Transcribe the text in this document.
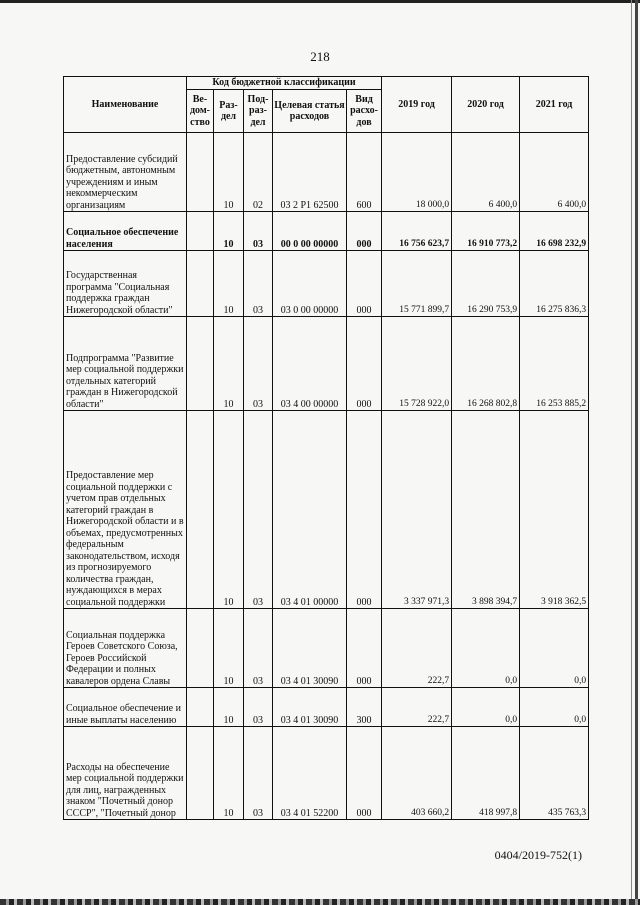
218
Наименование	Код бюджетной классификации					2019 год	2020 год	2021 год
	Ве-дом-ство	Раз-дел	Под-раз-дел	Целевая статья расходов	Вид расхо-дов			
Предоставление субсидий бюджетным, автономным учреждениям и иным некоммерческим организациям		10	02	03 2 P1 62500	600	18 000,0	6 400,0	6 400,0
Социальное обеспечение населения		10	03	00 0 00 00000	000	16 756 623,7	16 910 773,2	16 698 232,9
Государственная программа "Социальная поддержка граждан Нижегородской области"		10	03	03 0 00 00000	000	15 771 899,7	16 290 753,9	16 275 836,3
Подпрограмма "Развитие мер социальной поддержки отдельных категорий граждан в Нижегородской области"		10	03	03 4 00 00000	000	15 728 922,0	16 268 802,8	16 253 885,2
Предоставление мер социальной поддержки с учетом прав отдельных категорий граждан в Нижегородской области и в объемах, предусмотренных федеральным законодательством, исходя из прогнозируемого количества граждан, нуждающихся в мерах социальной поддержки		10	03	03 4 01 00000	000	3 337 971,3	3 898 394,7	3 918 362,5
Социальная поддержка Героев Советского Союза, Героев Российской Федерации и полных кавалеров ордена Славы		10	03	03 4 01 30090	000	222,7	0,0	0,0
Социальное обеспечение и иные выплаты населению		10	03	03 4 01 30090	300	222,7	0,0	0,0
Расходы на обеспечение мер социальной поддержки для лиц, награжденных знаком "Почетный донор СССР", "Почетный донор		10	03	03 4 01 52200	000	403 660,2	418 997,8	435 763,3
0404/2019-752(1)
